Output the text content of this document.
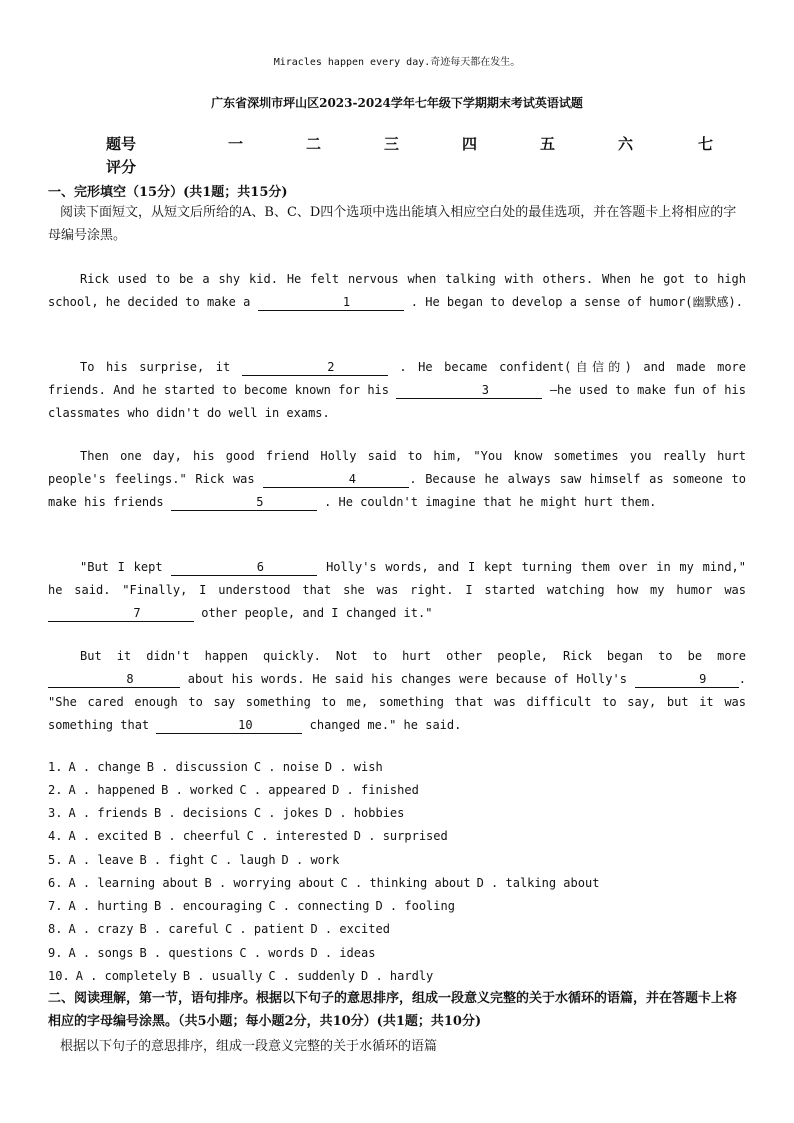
Miracles happen every day.奇迹每天都在发生。
广东省深圳市坪山区2023-2024学年七年级下学期期末考试英语试题
题号	一	二	三	四	五	六	七
评分
一、完形填空（15分）(共1题；共15分)
阅读下面短文，从短文后所给的A、B、C、D四个选项中选出能填入相应空白处的最佳选项，并在答题卡上将相应的字母编号涂黑。
Rick used to be a shy kid. He felt nervous when talking with others. When he got to high school, he decided to make a	1	. He began to develop a sense of humor(幽默感).
To his surprise, it	2	. He became confident(自信的) and made more friends. And he started to become known for his	3	—he used to make fun of his classmates who didn't do well in exams.
Then one day, his good friend Holly said to him, "You know sometimes you really hurt people's feelings." Rick was	4	. Because he always saw himself as someone to make his friends	5	. He couldn't imagine that he might hurt them.
"But I kept	6	Holly's words, and I kept turning them over in my mind," he said. "Finally, I understood that she was right. I started watching how my humor was 7	other people, and I changed it."
But it didn't happen quickly. Not to hurt other people, Rick began to be more 8	about his words. He said his changes were because of Holly's	9	. "She cared enough to say something to me, something that was difficult to say, but it was something that	10	changed me." he said.
1. A . change B . discussion C . noise D . wish
2. A . happened B . worked C . appeared D . finished
3. A . friends B . decisions C . jokes D . hobbies
4. A . excited B . cheerful C . interested D . surprised
5. A . leave B . fight C . laugh D . work
6. A . learning about B . worrying about C . thinking about D . talking about
7. A . hurting B . encouraging C . connecting D . fooling
8. A . crazy B . careful C . patient D . excited
9. A . songs B . questions C . words D . ideas
10. A . completely B . usually C . suddenly D . hardly
二、阅读理解，第一节，语句排序。根据以下句子的意思排序，组成一段意义完整的关于水循环的语篇，并在答题卡上将相应的字母编号涂黑。（共5小题；每小题2分，共10分）(共1题；共10分)
根据以下句子的意思排序，组成一段意义完整的关于水循环的语篇
